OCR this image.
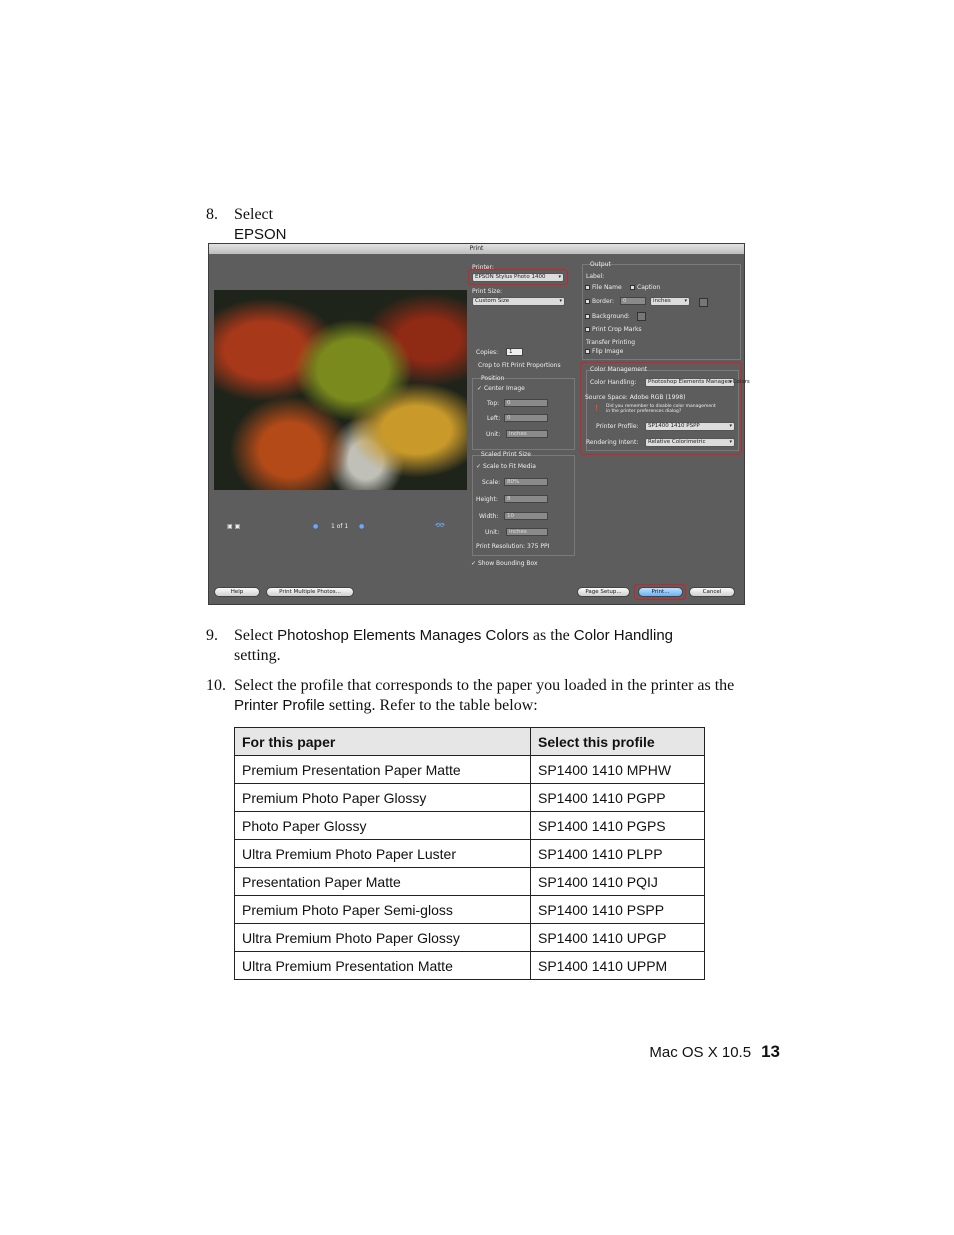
8. Select EPSON
Print
▣ ▣	● 1 of 1 ●	⟲⟳
Printer:
EPSON Stylus Photo 1400 ▾
Print Size:
Custom Size ▾
Copies:	1
Crop to Fit Print Proportions
Position
✓ Center Image
Top:	0
Left:	0
Unit:	inches
Scaled Print Size
✓ Scale to Fit Media
Scale:	80%
Height:	8
Width:	10
Unit:	inches
Print Resolution: 375 PPI
✓ Show Bounding Box
Output
Label:
File Name	Caption
Border:	0	inches ▾
Background:
Print Crop Marks
Transfer Printing
Flip Image
Color Management
Color Handling:	Photoshop Elements Manages Colors ▾
Source Space: Adobe RGB (1998)
❗ Did you remember to disable color management
in the printer preferences dialog?
Printer Profile:	SP1400 1410 PSPP ▾
Rendering Intent:	Relative Colorimetric ▾
Help	Print Multiple Photos...	Page Setup...	Print...	Cancel
9. Select Photoshop Elements Manages Colors as the Color Handling
setting.
10. Select the profile that corresponds to the paper you loaded in the printer as the
Printer Profile setting. Refer to the table below:
For this paper	Select this profile
Premium Presentation Paper Matte	SP1400 1410 MPHW
Premium Photo Paper Glossy	SP1400 1410 PGPP
Photo Paper Glossy	SP1400 1410 PGPS
Ultra Premium Photo Paper Luster	SP1400 1410 PLPP
Presentation Paper Matte	SP1400 1410 PQIJ
Premium Photo Paper Semi-gloss	SP1400 1410 PSPP
Ultra Premium Photo Paper Glossy	SP1400 1410 UPGP
Ultra Premium Presentation Matte	SP1400 1410 UPPM
Mac OS X 10.5 13
